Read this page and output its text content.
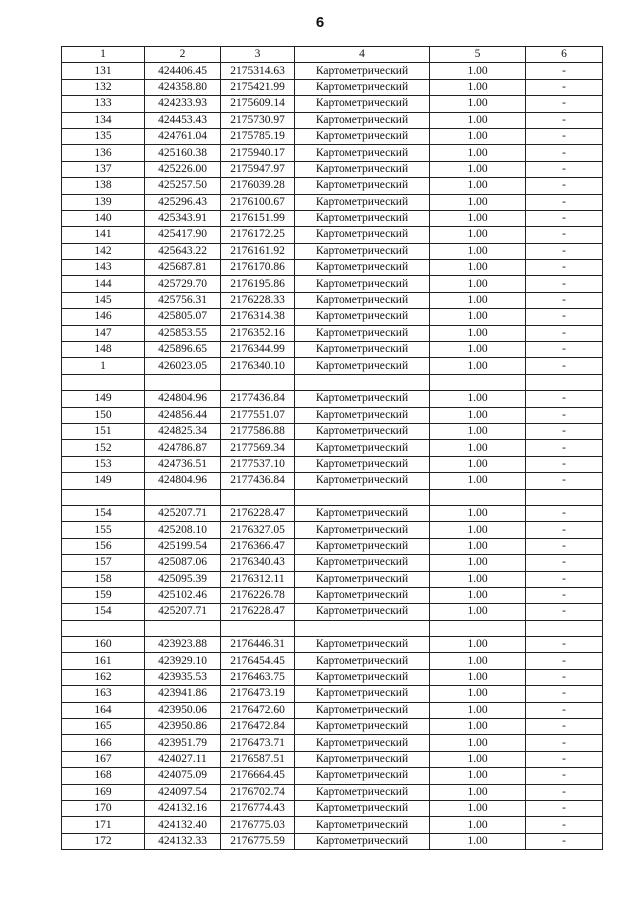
6
1	2	3	4	5	6
131	424406.45	2175314.63	Картометрический	1.00	-
132	424358.80	2175421.99	Картометрический	1.00	-
133	424233.93	2175609.14	Картометрический	1.00	-
134	424453.43	2175730.97	Картометрический	1.00	-
135	424761.04	2175785.19	Картометрический	1.00	-
136	425160.38	2175940.17	Картометрический	1.00	-
137	425226.00	2175947.97	Картометрический	1.00	-
138	425257.50	2176039.28	Картометрический	1.00	-
139	425296.43	2176100.67	Картометрический	1.00	-
140	425343.91	2176151.99	Картометрический	1.00	-
141	425417.90	2176172.25	Картометрический	1.00	-
142	425643.22	2176161.92	Картометрический	1.00	-
143	425687.81	2176170.86	Картометрический	1.00	-
144	425729.70	2176195.86	Картометрический	1.00	-
145	425756.31	2176228.33	Картометрический	1.00	-
146	425805.07	2176314.38	Картометрический	1.00	-
147	425853.55	2176352.16	Картометрический	1.00	-
148	425896.65	2176344.99	Картометрический	1.00	-
1	426023.05	2176340.10	Картометрический	1.00	-

149	424804.96	2177436.84	Картометрический	1.00	-
150	424856.44	2177551.07	Картометрический	1.00	-
151	424825.34	2177586.88	Картометрический	1.00	-
152	424786.87	2177569.34	Картометрический	1.00	-
153	424736.51	2177537.10	Картометрический	1.00	-
149	424804.96	2177436.84	Картометрический	1.00	-

154	425207.71	2176228.47	Картометрический	1.00	-
155	425208.10	2176327.05	Картометрический	1.00	-
156	425199.54	2176366.47	Картометрический	1.00	-
157	425087.06	2176340.43	Картометрический	1.00	-
158	425095.39	2176312.11	Картометрический	1.00	-
159	425102.46	2176226.78	Картометрический	1.00	-
154	425207.71	2176228.47	Картометрический	1.00	-

160	423923.88	2176446.31	Картометрический	1.00	-
161	423929.10	2176454.45	Картометрический	1.00	-
162	423935.53	2176463.75	Картометрический	1.00	-
163	423941.86	2176473.19	Картометрический	1.00	-
164	423950.06	2176472.60	Картометрический	1.00	-
165	423950.86	2176472.84	Картометрический	1.00	-
166	423951.79	2176473.71	Картометрический	1.00	-
167	424027.11	2176587.51	Картометрический	1.00	-
168	424075.09	2176664.45	Картометрический	1.00	-
169	424097.54	2176702.74	Картометрический	1.00	-
170	424132.16	2176774.43	Картометрический	1.00	-
171	424132.40	2176775.03	Картометрический	1.00	-
172	424132.33	2176775.59	Картометрический	1.00	-
